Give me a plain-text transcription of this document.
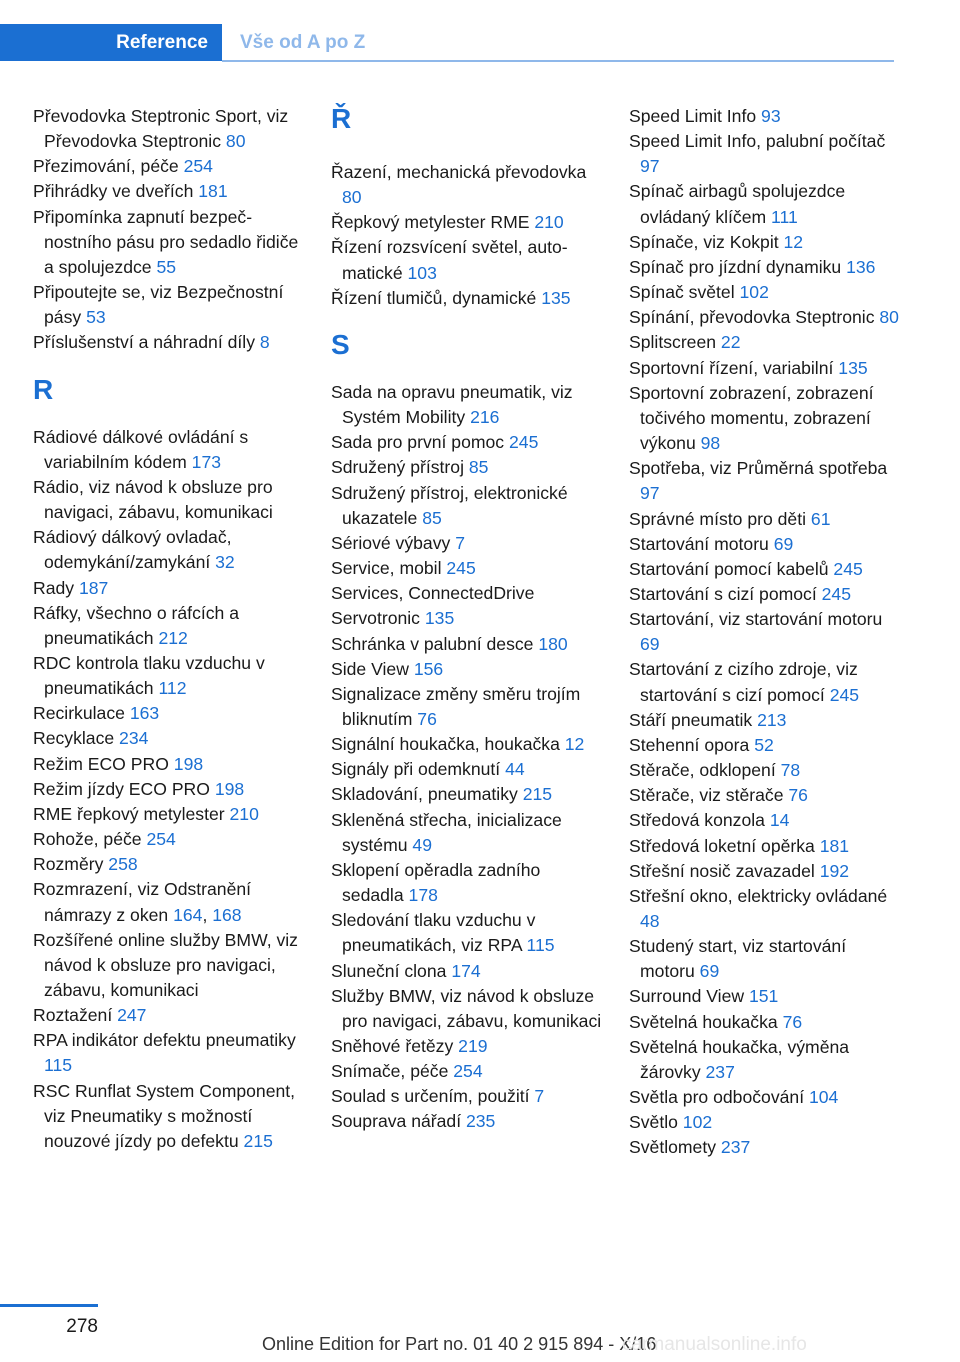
Reference	Vše od A po Z
Převodovka Steptronic Sport, viz Převodovka Steptronic 80
Přezimování, péče 254
Přihrádky ve dveřích 181
Připomínka zapnutí bezpečnostního pásu pro sedadlo řidiče a spolujezdce 55
Připoutejte se, viz Bezpečnostní pásy 53
Příslušenství a náhradní díly 8
R
Rádiové dálkové ovládání s variabilním kódem 173
Rádio, viz návod k obsluze pro navigaci, zábavu, komunikaci
Rádiový dálkový ovladač, odemykání/zamykání 32
Rady 187
Ráfky, všechno o ráfcích a pneumatikách 212
RDC kontrola tlaku vzduchu v pneumatikách 112
Recirkulace 163
Recyklace 234
Režim ECO PRO 198
Režim jízdy ECO PRO 198
RME řepkový metylester 210
Rohože, péče 254
Rozměry 258
Rozmrazení, viz Odstranění námrazy z oken 164, 168
Rozšířené online služby BMW, viz návod k obsluze pro navigaci, zábavu, komunikaci
Roztažení 247
RPA indikátor defektu pneumatiky 115
RSC Runflat System Component, viz Pneumatiky s možností nouzové jízdy po defektu 215
Ř
Řazení, mechanická převodovka 80
Řepkový metylester RME 210
Řízení rozsvícení světel, automatické 103
Řízení tlumičů, dynamické 135
S
Sada na opravu pneumatik, viz Systém Mobility 216
Sada pro první pomoc 245
Sdružený přístroj 85
Sdružený přístroj, elektronické ukazatele 85
Sériové výbavy 7
Service, mobil 245
Services, ConnectedDrive
Servotronic 135
Schránka v palubní desce 180
Side View 156
Signalizace změny směru trojím bliknutím 76
Signální houkačka, houkačka 12
Signály při odemknutí 44
Skladování, pneumatiky 215
Skleněná střecha, inicializace systému 49
Sklopení opěradla zadního sedadla 178
Sledování tlaku vzduchu v pneumatikách, viz RPA 115
Sluneční clona 174
Služby BMW, viz návod k obsluze pro navigaci, zábavu, komunikaci
Sněhové řetězy 219
Snímače, péče 254
Soulad s určením, použití 7
Souprava nářadí 235
Speed Limit Info 93
Speed Limit Info, palubní počítač 97
Spínač airbagů spolujezdce ovládaný klíčem 111
Spínače, viz Kokpit 12
Spínač pro jízdní dynamiku 136
Spínač světel 102
Spínání, převodovka Steptronic 80
Splitscreen 22
Sportovní řízení, variabilní 135
Sportovní zobrazení, zobrazení točivého momentu, zobrazení výkonu 98
Spotřeba, viz Průměrná spotřeba 97
Správné místo pro děti 61
Startování motoru 69
Startování pomocí kabelů 245
Startování s cizí pomocí 245
Startování, viz startování motoru 69
Startování z cizího zdroje, viz startování s cizí pomocí 245
Stáří pneumatik 213
Stehenní opora 52
Stěrače, odklopení 78
Stěrače, viz stěrače 76
Středová konzola 14
Středová loketní opěrka 181
Střešní nosič zavazadel 192
Střešní okno, elektricky ovládané 48
Studený start, viz startování motoru 69
Surround View 151
Světelná houkačka 76
Světelná houkačka, výměna žárovky 237
Světla pro odbočování 104
Světlo 102
Světlomety 237
278
Online Edition for Part no. 01 40 2 915 894 - X/16
carmanualsonline.info
